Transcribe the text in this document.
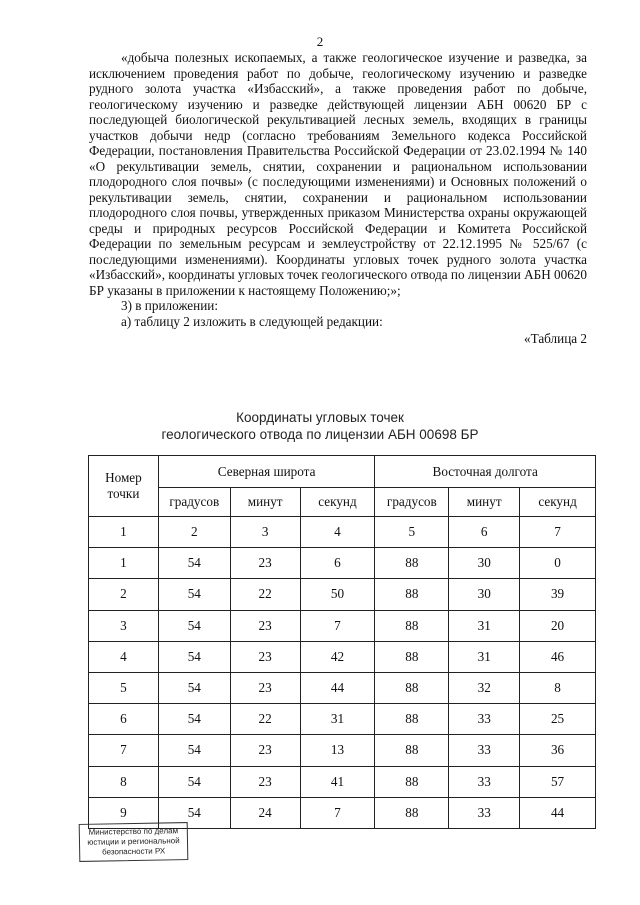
2

«добыча полезных ископаемых, а также геологическое изучение и разведка, за исключением проведения работ по добыче, геологическому изучению и разведке рудного золота участка «Избасский», а также проведения работ по добыче, геологическому изучению и разведке действующей лицензии АБН 00620 БР с последующей биологической рекультивацией лесных земель, входящих в границы участков добычи недр (согласно требованиям Земельного кодекса Российской Федерации, постановления Правительства Российской Федерации от 23.02.1994 № 140 «О рекультивации земель, снятии, сохранении и рациональном использовании плодородного слоя почвы» (с последующими изменениями) и Основных положений о рекультивации земель, снятии, сохранении и рациональном использовании плодородного слоя почвы, утвержденных приказом Министерства охраны окружающей среды и природных ресурсов Российской Федерации и Комитета Российской Федерации по земельным ресурсам и землеустройству от 22.12.1995 № 525/67 (с последующими изменениями). Координаты угловых точек рудного золота участка «Избасский», координаты угловых точек геологического отвода по лицензии АБН 00620 БР указаны в приложении к настоящему Положению;»;

3) в приложении:

а) таблицу 2 изложить в следующей редакции:

«Таблица 2

Координаты угловых точек
геологического отвода по лицензии АБН 00698 БР
Номер точки	Северная широта			Восточная долгота		
	градусов	минут	секунд	градусов	минут	секунд
1	2	3	4	5	6	7
1	54	23	6	88	30	0
2	54	22	50	88	30	39
3	54	23	7	88	31	20
4	54	23	42	88	31	46
5	54	23	44	88	32	8
6	54	22	31	88	33	25
7	54	23	13	88	33	36
8	54	23	41	88	33	57
9	54	24	7	88	33	44
Министерство по делам
юстиции и региональной
безопасности РХ
